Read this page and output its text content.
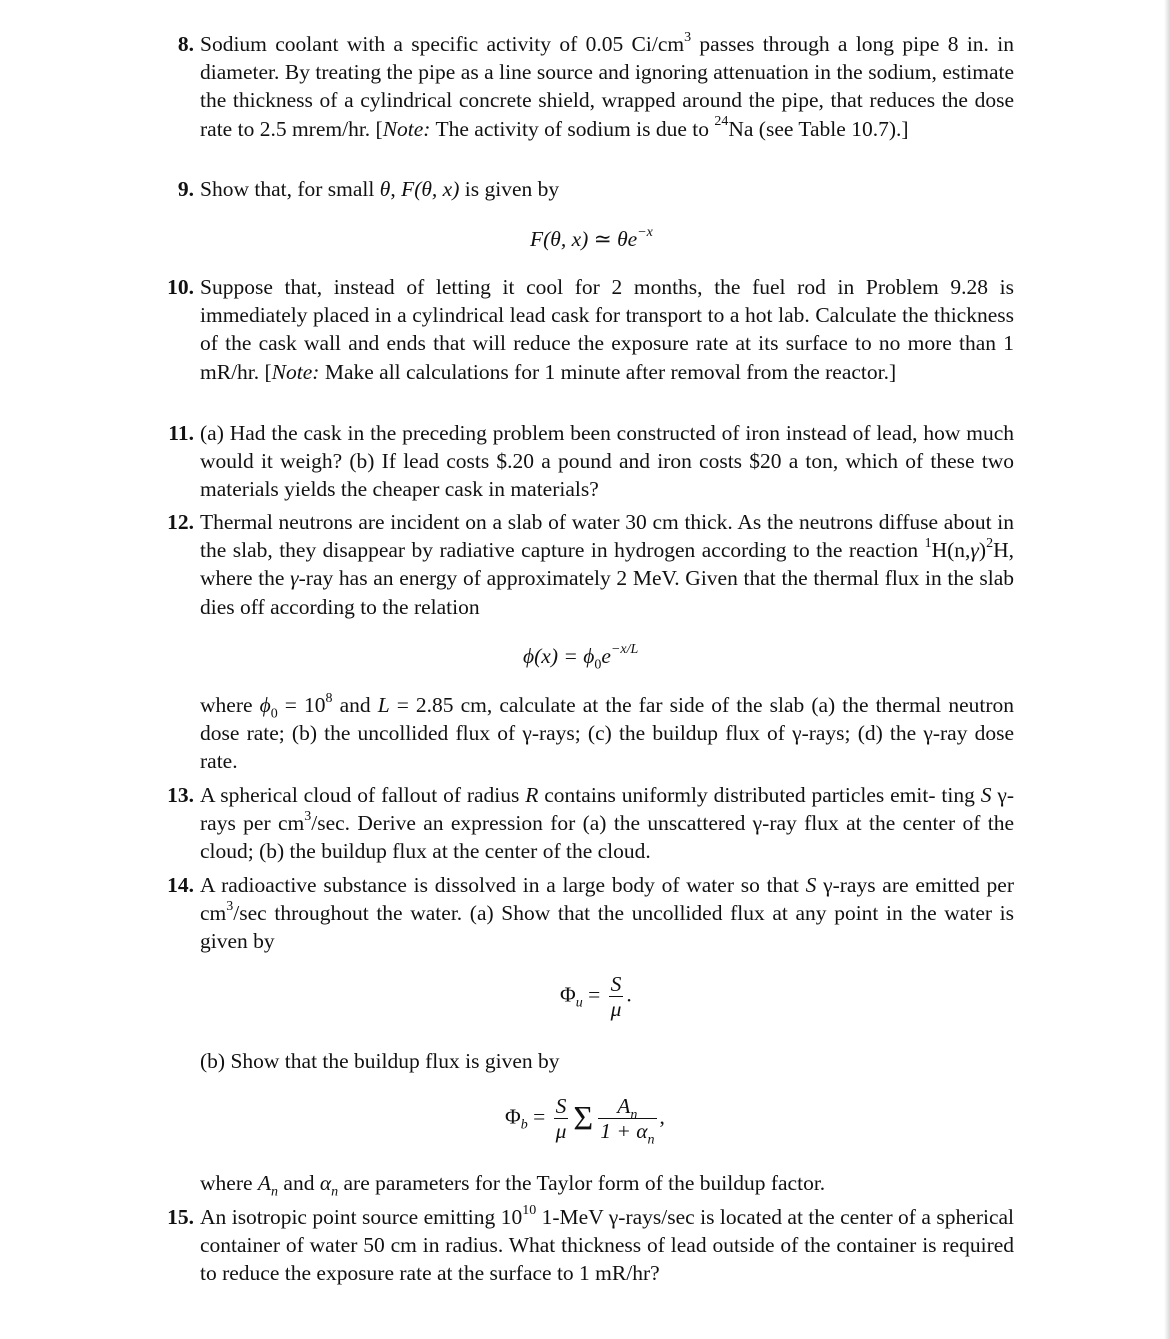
8. Sodium coolant with a specific activity of 0.05 $Ci/cm^3$ passes through a long pipe 8 in. in diameter. By treating the pipe as a line source and ignoring attenuation in the sodium, estimate the thickness of a cylindrical concrete shield, wrapped around the pipe, that reduces the dose rate to 2.5 mrem/hr. [Note: The activity of sodium is due to $^{24}$Na (see Table 10.7).]

9. Show that, for small θ, F(θ, x) is given by

F(θ, x) ≃ $\theta e^{-x}$
10. Suppose that, instead of letting it cool for 2 months, the fuel rod in Problem 9.28 is immediately placed in a cylindrical lead cask for transport to a hot lab. Calculate the thickness of the cask wall and ends that will reduce the exposure rate at its surface to no more than 1 mR/hr. [Note: Make all calculations for 1 minute after removal from the reactor.]

11. (a) Had the cask in the preceding problem been constructed of iron instead of lead, how much would it weigh? (b) If lead costs $.20 a pound and iron costs $20 a ton, which of these two materials yields the cheaper cask in materials?

12. Thermal neutrons are incident on a slab of water 30 cm thick. As the neutrons diffuse about in the slab, they disappear by radiative capture in hydrogen according to the reaction $^1H(n,\gamma)^2H$, where the γ-ray has an energy of approximately 2 MeV. Given that the thermal flux in the slab dies off according to the relation

$\phi(x) = \phi_0e^{-x/L}$
where $\phi_0 = 10^8$ and L = 2.85 cm, calculate at the far side of the slab (a) the thermal neutron dose rate; (b) the uncollided flux of γ-rays; (c) the buildup flux of γ-rays; (d) the γ-ray dose rate.
13. A spherical cloud of fallout of radius R contains uniformly distributed particles emit- ting S γ-rays per $cm^3/\sec$. Derive an expression for (a) the unscattered γ-ray flux at the center of the cloud; (b) the buildup flux at the center of the cloud.

14. A radioactive substance is dissolved in a large body of water so that S γ-rays are emitted per $cm^3/\sec$ throughout the water. (a) Show that the uncollided flux at any point in the water is given by

$\Phi_u = \frac{S}{\mu}$ .
(b) Show that the buildup flux is given by
$\Phi_b = \frac{S}{\mu}$ Σ $\frac{A_n}{1 + \alpha_n}$ ,
where $A_n$ and $\alpha_n$ are parameters for the Taylor form of the buildup factor.
15. An isotropic point source emitting $10^{10}$ 1-MeV γ-rays/sec is located at the center of a spherical container of water 50 cm in radius. What thickness of lead outside of the container is required to reduce the exposure rate at the surface to 1 mR/hr?
